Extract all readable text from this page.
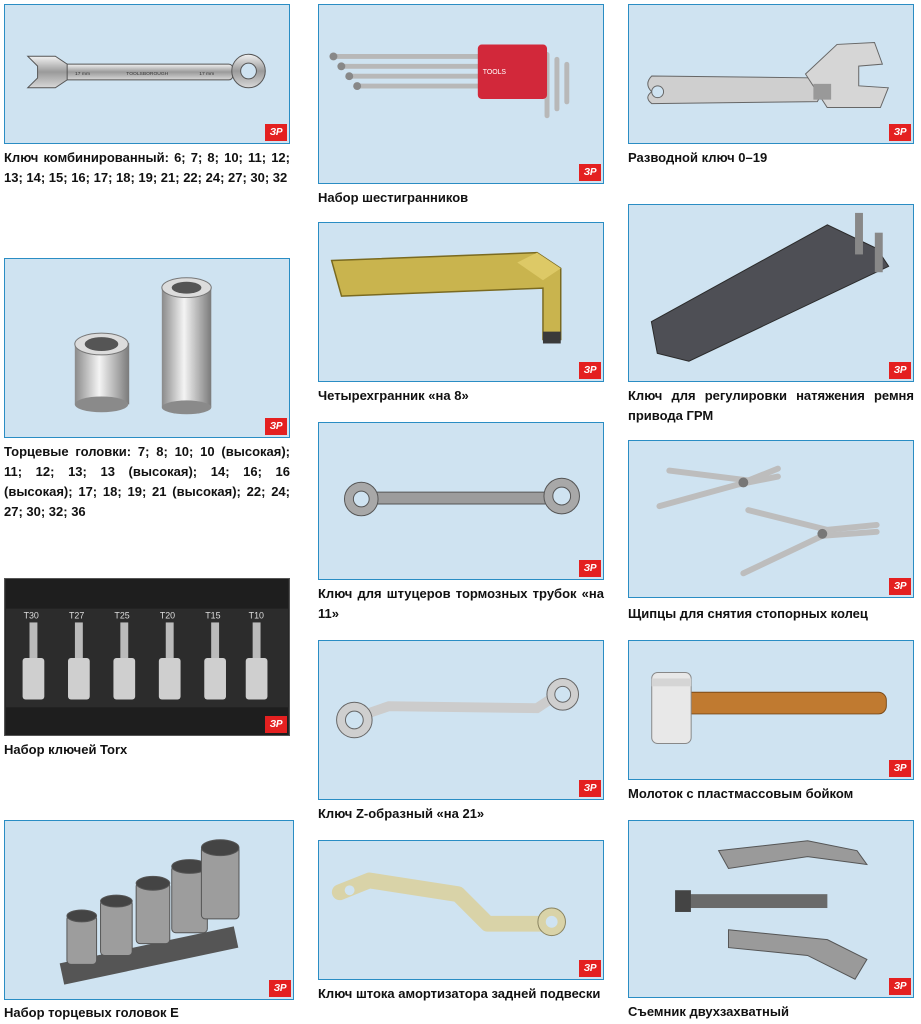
17 mm	TOOLSBOROUGH	17 mm
ЗР
Ключ комбинированный: 6; 7; 8; 10; 11; 12; 13; 14; 15; 16; 17; 18; 19; 21; 22; 24; 27; 30; 32
ЗР
Торцевые головки: 7; 8; 10; 10 (высокая); 11; 12; 13; 13 (высокая); 14; 16; 16 (высокая); 17; 18; 19; 21 (высокая); 22; 24; 27; 30; 32; 36
T30	T27	T25	T20	T15	T10
ЗР
Набор ключей Torx
ЗР
Набор торцевых головок E
TOOLS
ЗР
Набор шестигранников
ЗР
Четырехгранник «на 8»
ЗР
Ключ для штуцеров тормозных трубок «на 11»
ЗР
Ключ Z-образный «на 21»
ЗР
Ключ штока амортизатора задней подвески
ЗР
Разводной ключ 0–19
ЗР
Ключ для регулировки натяжения ремня привода ГРМ
ЗР
Щипцы для снятия стопорных колец
ЗР
Молоток с пластмассовым бойком
ЗР
Съемник двухзахватный
